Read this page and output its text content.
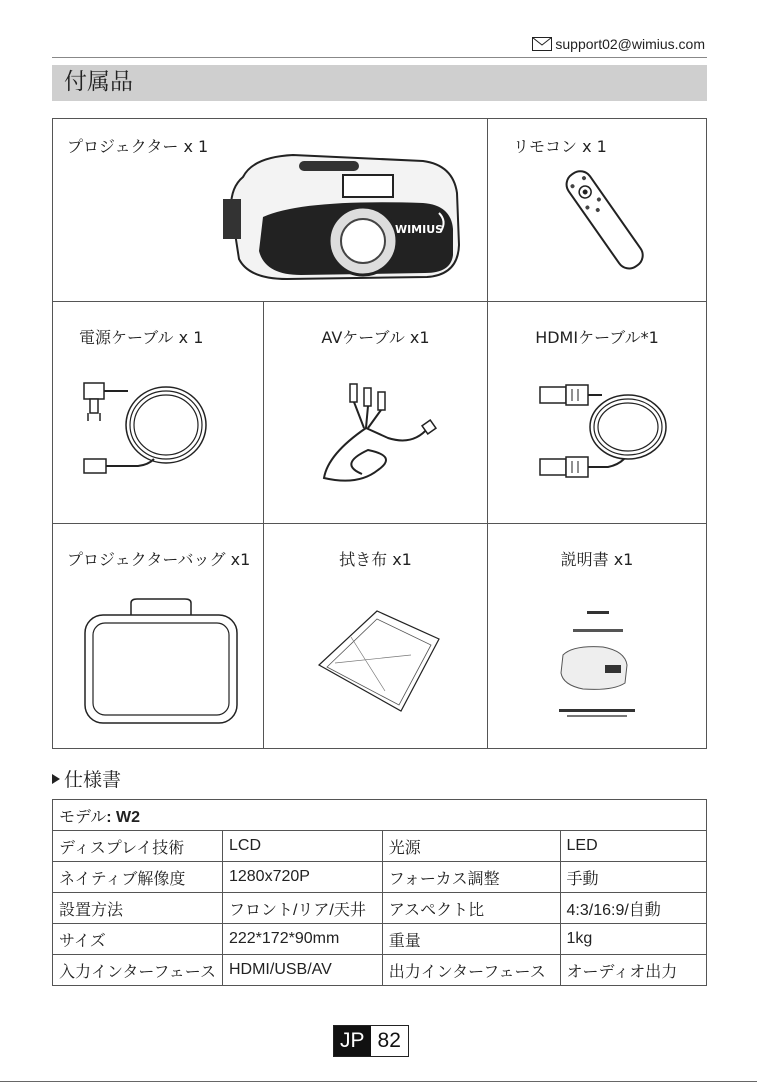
support02@wimius.com
付属品
プロジェクター x 1
WIMIUS
リモコン x 1
電源ケーブル x 1	AVケーブル x1	HDMIケーブル*1
プロジェクターバッグ x1	拭き布 x1	説明書 x1
仕様書
モデル: W2			
ディスプレイ技術	LCD	光源	LED
ネイティブ解像度	1280x720P	フォーカス調整	手動
設置方法	フロント/リア/天井	アスペクト比	4:3/16:9/自動
サイズ	222*172*90mm	重量	1kg
入力インターフェース	HDMI/USB/AV	出力インターフェース	オーディオ出力
JP 82
